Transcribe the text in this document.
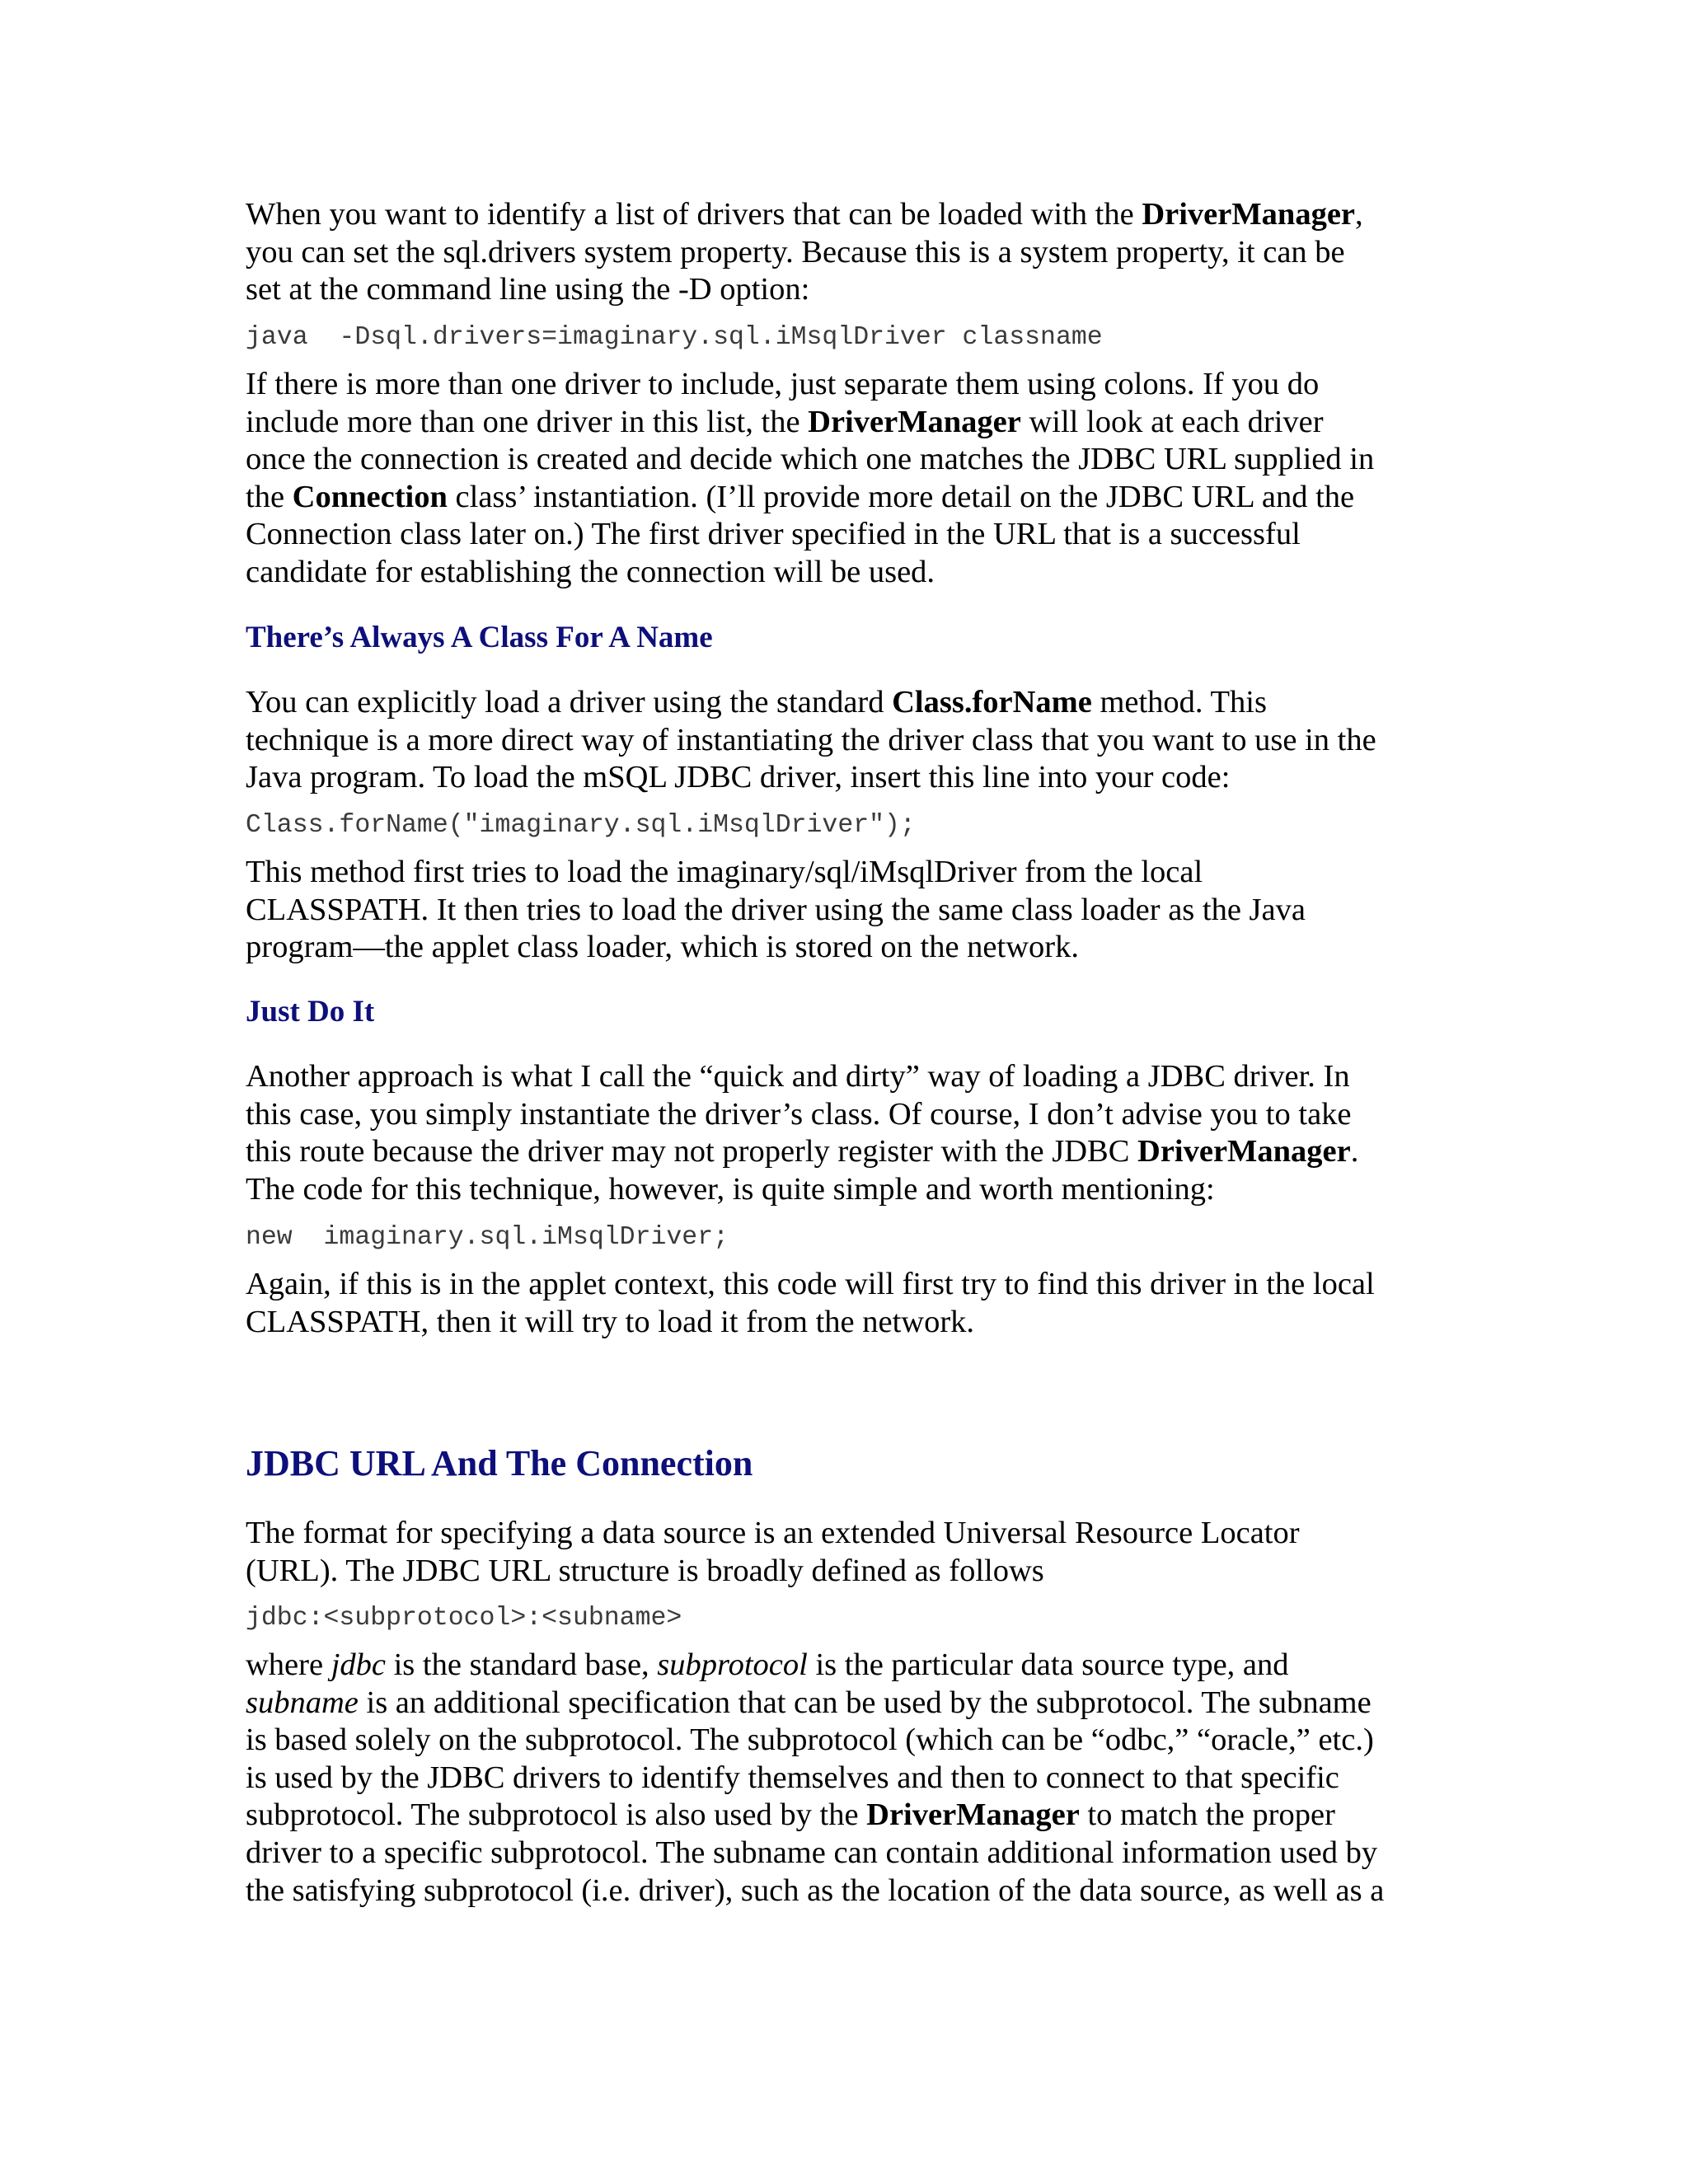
When you want to identify a list of drivers that can be loaded with the DriverManager,
you can set the sql.drivers system property. Because this is a system property, it can be
set at the command line using the -D option:

java  -Dsql.drivers=imaginary.sql.iMsqlDriver classname

If there is more than one driver to include, just separate them using colons. If you do
include more than one driver in this list, the DriverManager will look at each driver
once the connection is created and decide which one matches the JDBC URL supplied in
the Connection class’ instantiation. (I’ll provide more detail on the JDBC URL and the
Connection class later on.) The first driver specified in the URL that is a successful
candidate for establishing the connection will be used.

There’s Always A Class For A Name

You can explicitly load a driver using the standard Class.forName method. This
technique is a more direct way of instantiating the driver class that you want to use in the
Java program. To load the mSQL JDBC driver, insert this line into your code:

Class.forName("imaginary.sql.iMsqlDriver");

This method first tries to load the imaginary/sql/iMsqlDriver from the local
CLASSPATH. It then tries to load the driver using the same class loader as the Java
program—the applet class loader, which is stored on the network.

Just Do It

Another approach is what I call the “quick and dirty” way of loading a JDBC driver. In
this case, you simply instantiate the driver’s class. Of course, I don’t advise you to take
this route because the driver may not properly register with the JDBC DriverManager.
The code for this technique, however, is quite simple and worth mentioning:

new  imaginary.sql.iMsqlDriver;

Again, if this is in the applet context, this code will first try to find this driver in the local
CLASSPATH, then it will try to load it from the network.

JDBC URL And The Connection

The format for specifying a data source is an extended Universal Resource Locator
(URL). The JDBC URL structure is broadly defined as follows

jdbc:<subprotocol>:<subname>

where jdbc is the standard base, subprotocol is the particular data source type, and
subname is an additional specification that can be used by the subprotocol. The subname
is based solely on the subprotocol. The subprotocol (which can be “odbc,” “oracle,” etc.)
is used by the JDBC drivers to identify themselves and then to connect to that specific
subprotocol. The subprotocol is also used by the DriverManager to match the proper
driver to a specific subprotocol. The subname can contain additional information used by
the satisfying subprotocol (i.e. driver), such as the location of the data source, as well as a
